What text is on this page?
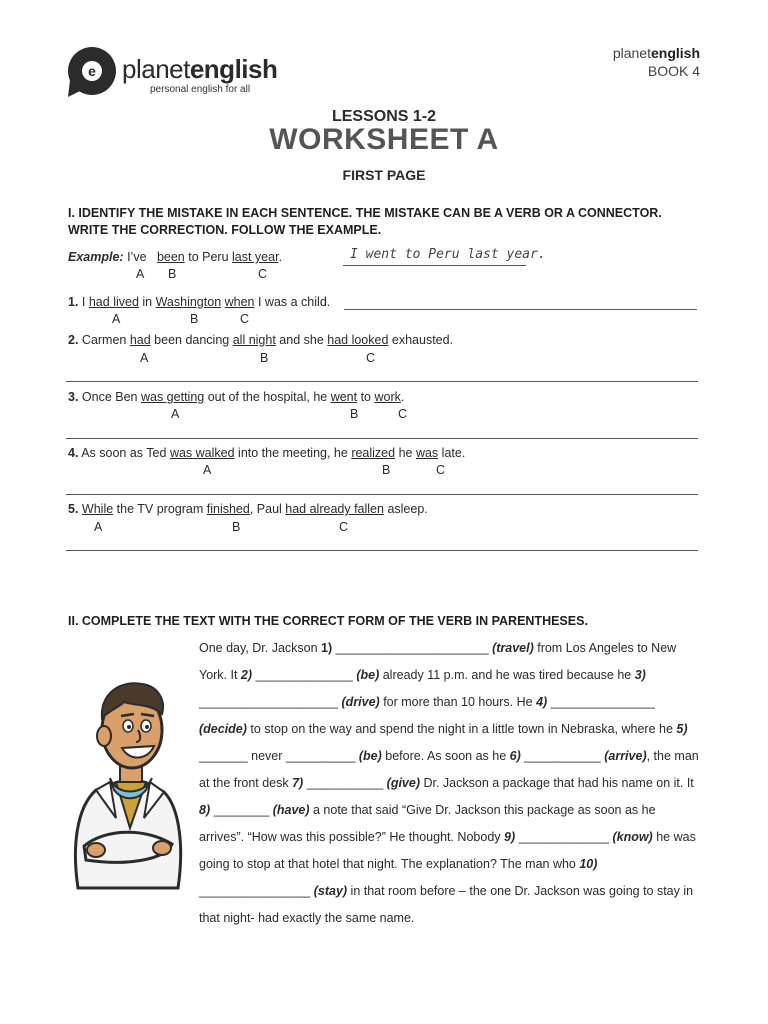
e planetenglish
personal english for all
planetenglish
BOOK 4
LESSONS 1-2
WORKSHEET A
FIRST PAGE
I. IDENTIFY THE MISTAKE IN EACH SENTENCE. THE MISTAKE CAN BE A VERB OR A CONNECTOR.
WRITE THE CORRECTION. FOLLOW THE EXAMPLE.
Example: I’ve   been to Peru last year.
A B	C
I went to Peru last year.
1. I had lived in Washington when I was a child.
A	B	C
2. Carmen had been dancing all night and she had looked exhausted.
A	B	C
3. Once Ben was getting out of the hospital, he went to work.
A	B	C
4. As soon as Ted was walked into the meeting, he realized he was late.
A	B	C
5. While the TV program finished, Paul had already fallen asleep.
A	B	C
II. COMPLETE THE TEXT WITH THE CORRECT FORM OF THE VERB IN PARENTHESES.
One day, Dr. Jackson 1) ______________________ (travel) from Los Angeles to New York. It 2) ______________ (be) already 11 p.m. and he was tired because he 3) ____________________ (drive) for more than 10 hours. He 4) _______________ (decide) to stop on the way and spend the night in a little town in Nebraska, where he 5) _______ never __________ (be) before. As soon as he 6) ___________ (arrive), the man at the front desk 7) ___________ (give) Dr. Jackson a package that had his name on it. It 8) ________ (have) a note that said “Give Dr. Jackson this package as soon as he arrives”. “How was this possible?” He thought. Nobody 9) _____________ (know) he was going to stop at that hotel that night. The explanation? The man who 10) ________________ (stay) in that room before – the one Dr. Jackson was going to stay in that night- had exactly the same name.
